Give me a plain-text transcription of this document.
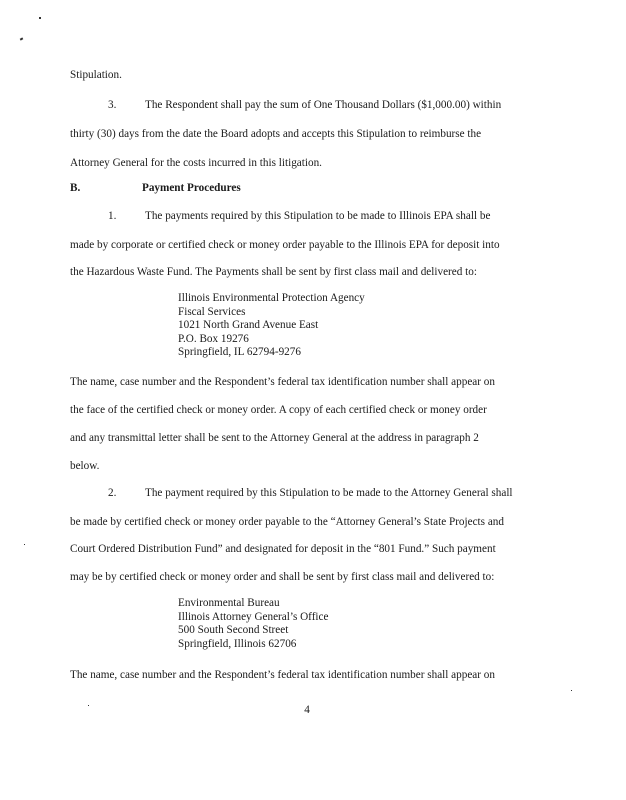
Stipulation.
3.	The Respondent shall pay the sum of One Thousand Dollars ($1,000.00) within
thirty (30) days from the date the Board adopts and accepts this Stipulation to reimburse the
Attorney General for the costs incurred in this litigation.
B.	Payment Procedures
1.	The payments required by this Stipulation to be made to Illinois EPA shall be
made by corporate or certified check or money order payable to the Illinois EPA for deposit into
the Hazardous Waste Fund. The Payments shall be sent by first class mail and delivered to:
Illinois Environmental Protection Agency
Fiscal Services
1021 North Grand Avenue East
P.O. Box 19276
Springfield, IL 62794-9276
The name, case number and the Respondent’s federal tax identification number shall appear on
the face of the certified check or money order. A copy of each certified check or money order
and any transmittal letter shall be sent to the Attorney General at the address in paragraph 2
below.
2.	The payment required by this Stipulation to be made to the Attorney General shall
be made by certified check or money order payable to the “Attorney General’s State Projects and
Court Ordered Distribution Fund” and designated for deposit in the “801 Fund.” Such payment
may be by certified check or money order and shall be sent by first class mail and delivered to:
Environmental Bureau
Illinois Attorney General’s Office
500 South Second Street
Springfield, Illinois 62706
The name, case number and the Respondent’s federal tax identification number shall appear on
4
